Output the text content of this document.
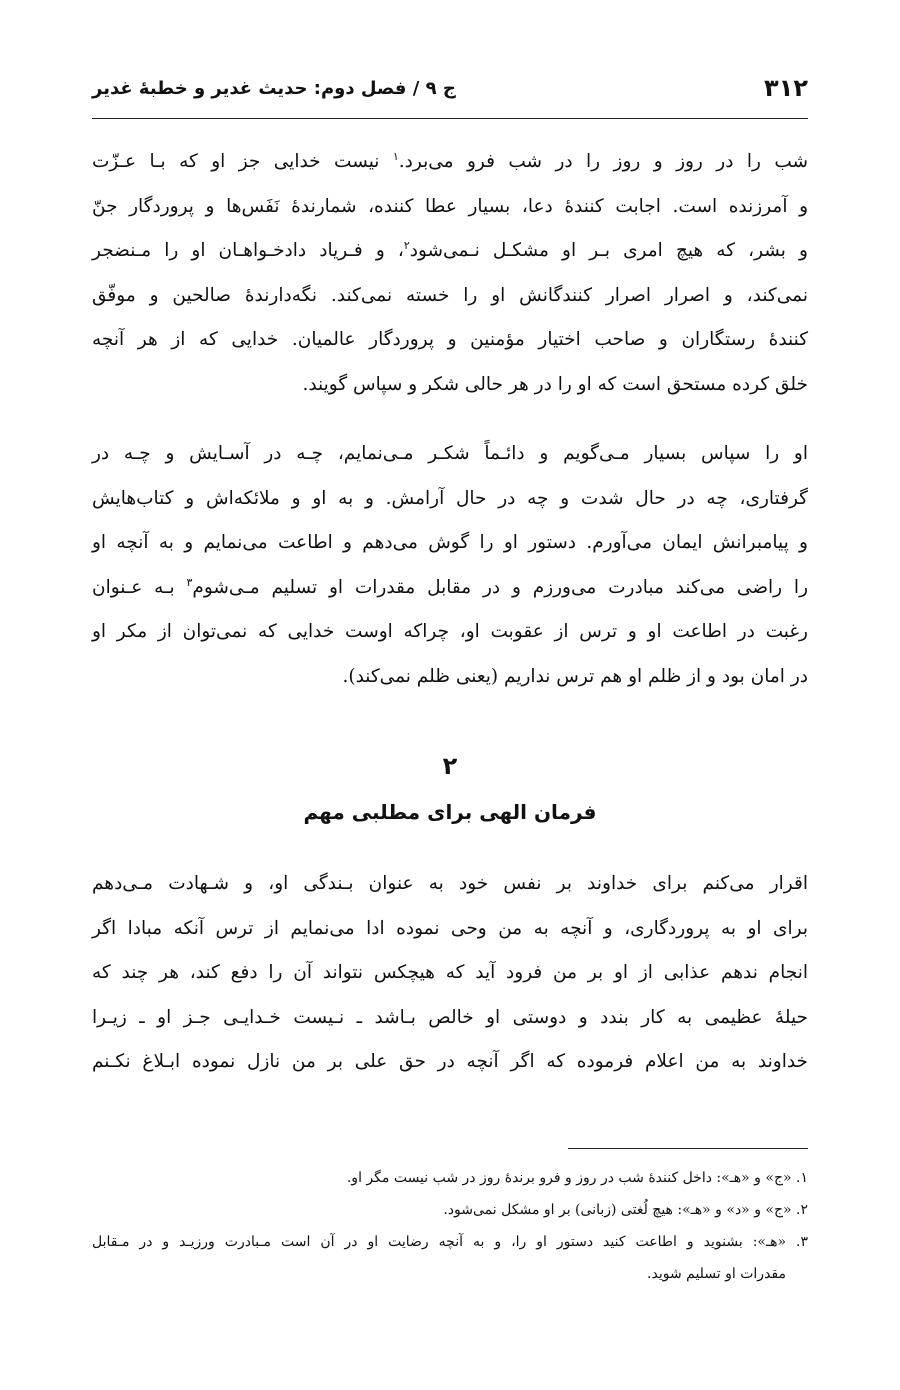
۳۱۲
ج ۹ / فصل دوم: حدیث غدیر و خطبهٔ غدیر
شب را در روز و روز را در شب فرو می‌برد.$^۱$ نیست خدایی جز او که بـا عـزّت
و آمرزنده است. اجابت کنندهٔ دعا، بسیار عطا کننده، شمارندهٔ نَفَس‌ها و پروردگار جنّ
و بشر، که هیچ امری بـر او مشکـل نـمی‌شود$^۲$، و فـریاد دادخـواهـان او را مـنضجر
نمی‌کند، و اصرار اصرار کنندگانش او را خسته نمی‌کند. نگه‌دارندهٔ صالحین و موفّق
کنندهٔ رستگاران و صاحب اختیار مؤمنین و پروردگار عالمیان. خدایی که از هر آنچه
خلق کرده مستحق است که او را در هر حالی شکر و سپاس گویند.
او را سپاس بسیار مـی‌گویم و دائـماً شکـر مـی‌نمایم، چـه در آسـایش و چـه در
گرفتاری، چه در حال شدت و چه در حال آرامش. و به او و ملائکه‌اش و کتاب‌هایش
و پیامبرانش ایمان می‌آورم. دستور او را گوش می‌دهم و اطاعت می‌نمایم و به آنچه او
را راضی می‌کند مبادرت می‌ورزم و در مقابل مقدرات او تسلیم مـی‌شوم$^۳$ بـه عـنوان
رغبت در اطاعت او و ترس از عقوبت او، چراکه اوست خدایی که نمی‌توان از مکر او
در امان بود و از ظلم او هم ترس نداریم (یعنی ظلم نمی‌کند).
۲
فرمان الهی برای مطلبی مهم
اقرار می‌کنم برای خداوند بر نفس خود به عنوان بـندگی او، و شـهادت مـی‌دهم
برای او به پروردگاری، و آنچه به من وحی نموده ادا می‌نمایم از ترس آنکه مبادا اگر
انجام ندهم عذابی از او بر من فرود آید که هیچکس نتواند آن را دفع کند، هر چند که
حیلهٔ عظیمی به کار بندد و دوستی او خالص بـاشد ـ نـیست خـدایـی جـز او ـ زیـرا
خداوند به من اعلام فرموده که اگر آنچه در حق علی بر من نازل نموده ابـلاغ نکـنم
۱. «ج» و «هـ»: داخل کنندهٔ شب در روز و فرو برندهٔ روز در شب نیست مگر او.
۲. «ج» و «د» و «هـ»: هیچ لُغتی (زبانی) بر او مشکل نمی‌شود.
۳. «هـ»: بشنوید و اطاعت کنید دستور او را، و به آنچه رضایت او در آن است مـبادرت ورزیـد و در مـقابل
مقدرات او تسلیم شوید.
